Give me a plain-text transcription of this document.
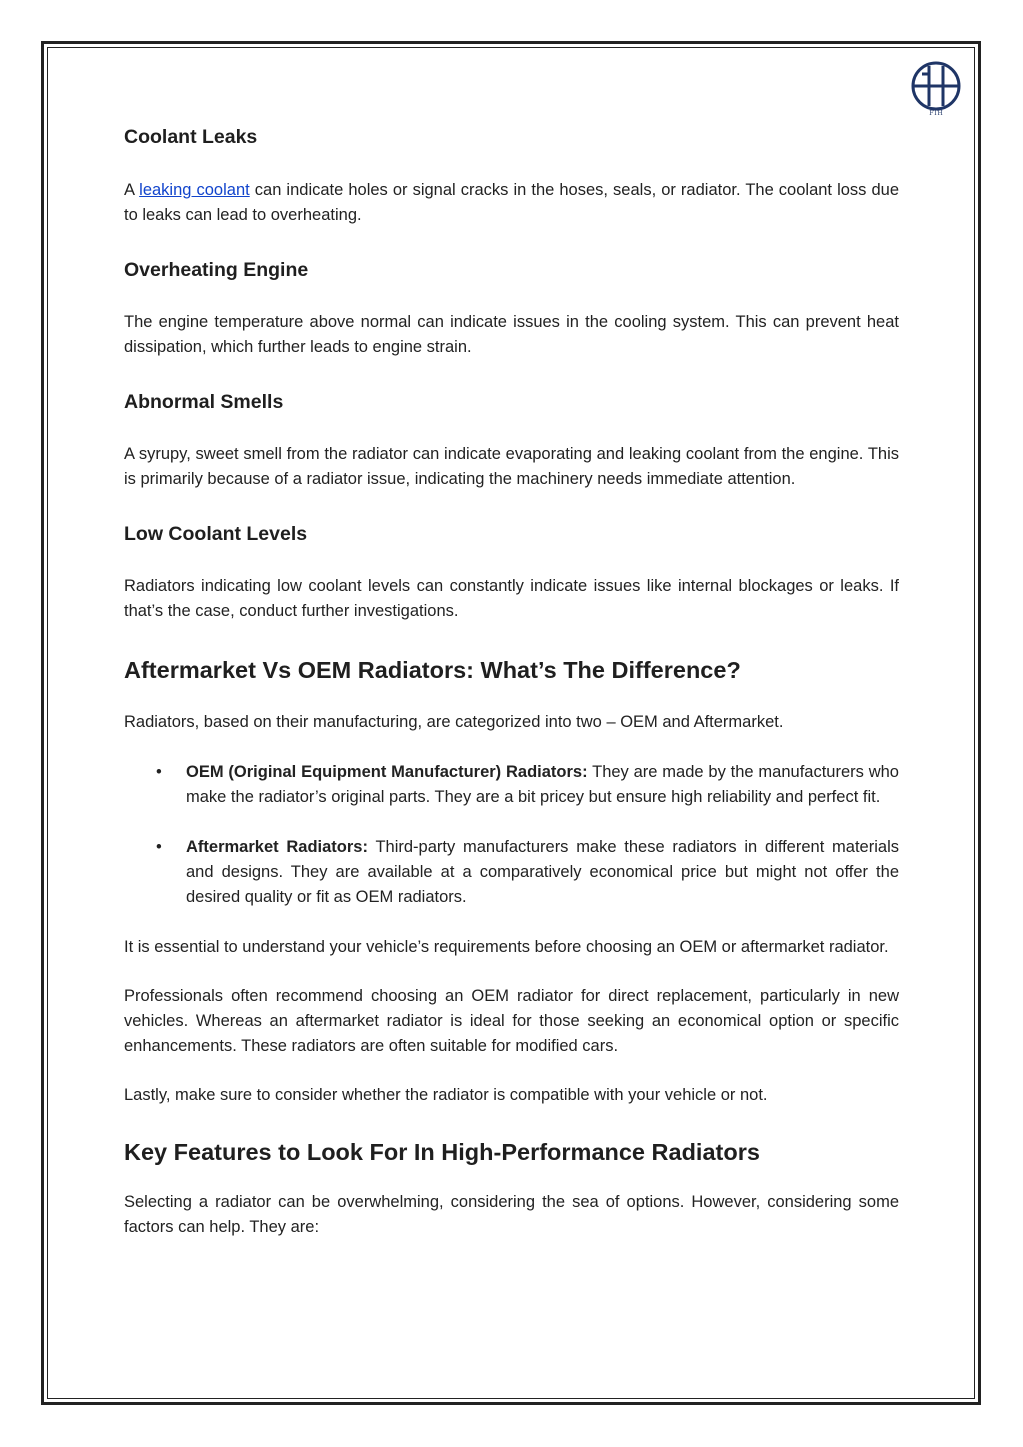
FTH
Coolant Leaks

A leaking coolant can indicate holes or signal cracks in the hoses, seals, or radiator. The coolant loss due to leaks can lead to overheating.

Overheating Engine

The engine temperature above normal can indicate issues in the cooling system. This can prevent heat dissipation, which further leads to engine strain.

Abnormal Smells

A syrupy, sweet smell from the radiator can indicate evaporating and leaking coolant from the engine. This is primarily because of a radiator issue, indicating the machinery needs immediate attention.

Low Coolant Levels

Radiators indicating low coolant levels can constantly indicate issues like internal blockages or leaks. If that’s the case, conduct further investigations.

Aftermarket Vs OEM Radiators: What’s The Difference?

Radiators, based on their manufacturing, are categorized into two – OEM and Aftermarket.

• OEM (Original Equipment Manufacturer) Radiators: They are made by the manufacturers who make the radiator’s original parts. They are a bit pricey but ensure high reliability and perfect fit.
• Aftermarket Radiators: Third-party manufacturers make these radiators in different materials and designs. They are available at a comparatively economical price but might not offer the desired quality or fit as OEM radiators.

It is essential to understand your vehicle’s requirements before choosing an OEM or aftermarket radiator.

Professionals often recommend choosing an OEM radiator for direct replacement, particularly in new vehicles. Whereas an aftermarket radiator is ideal for those seeking an economical option or specific enhancements. These radiators are often suitable for modified cars.

Lastly, make sure to consider whether the radiator is compatible with your vehicle or not.

Key Features to Look For In High-Performance Radiators

Selecting a radiator can be overwhelming, considering the sea of options. However, considering some factors can help. They are:
